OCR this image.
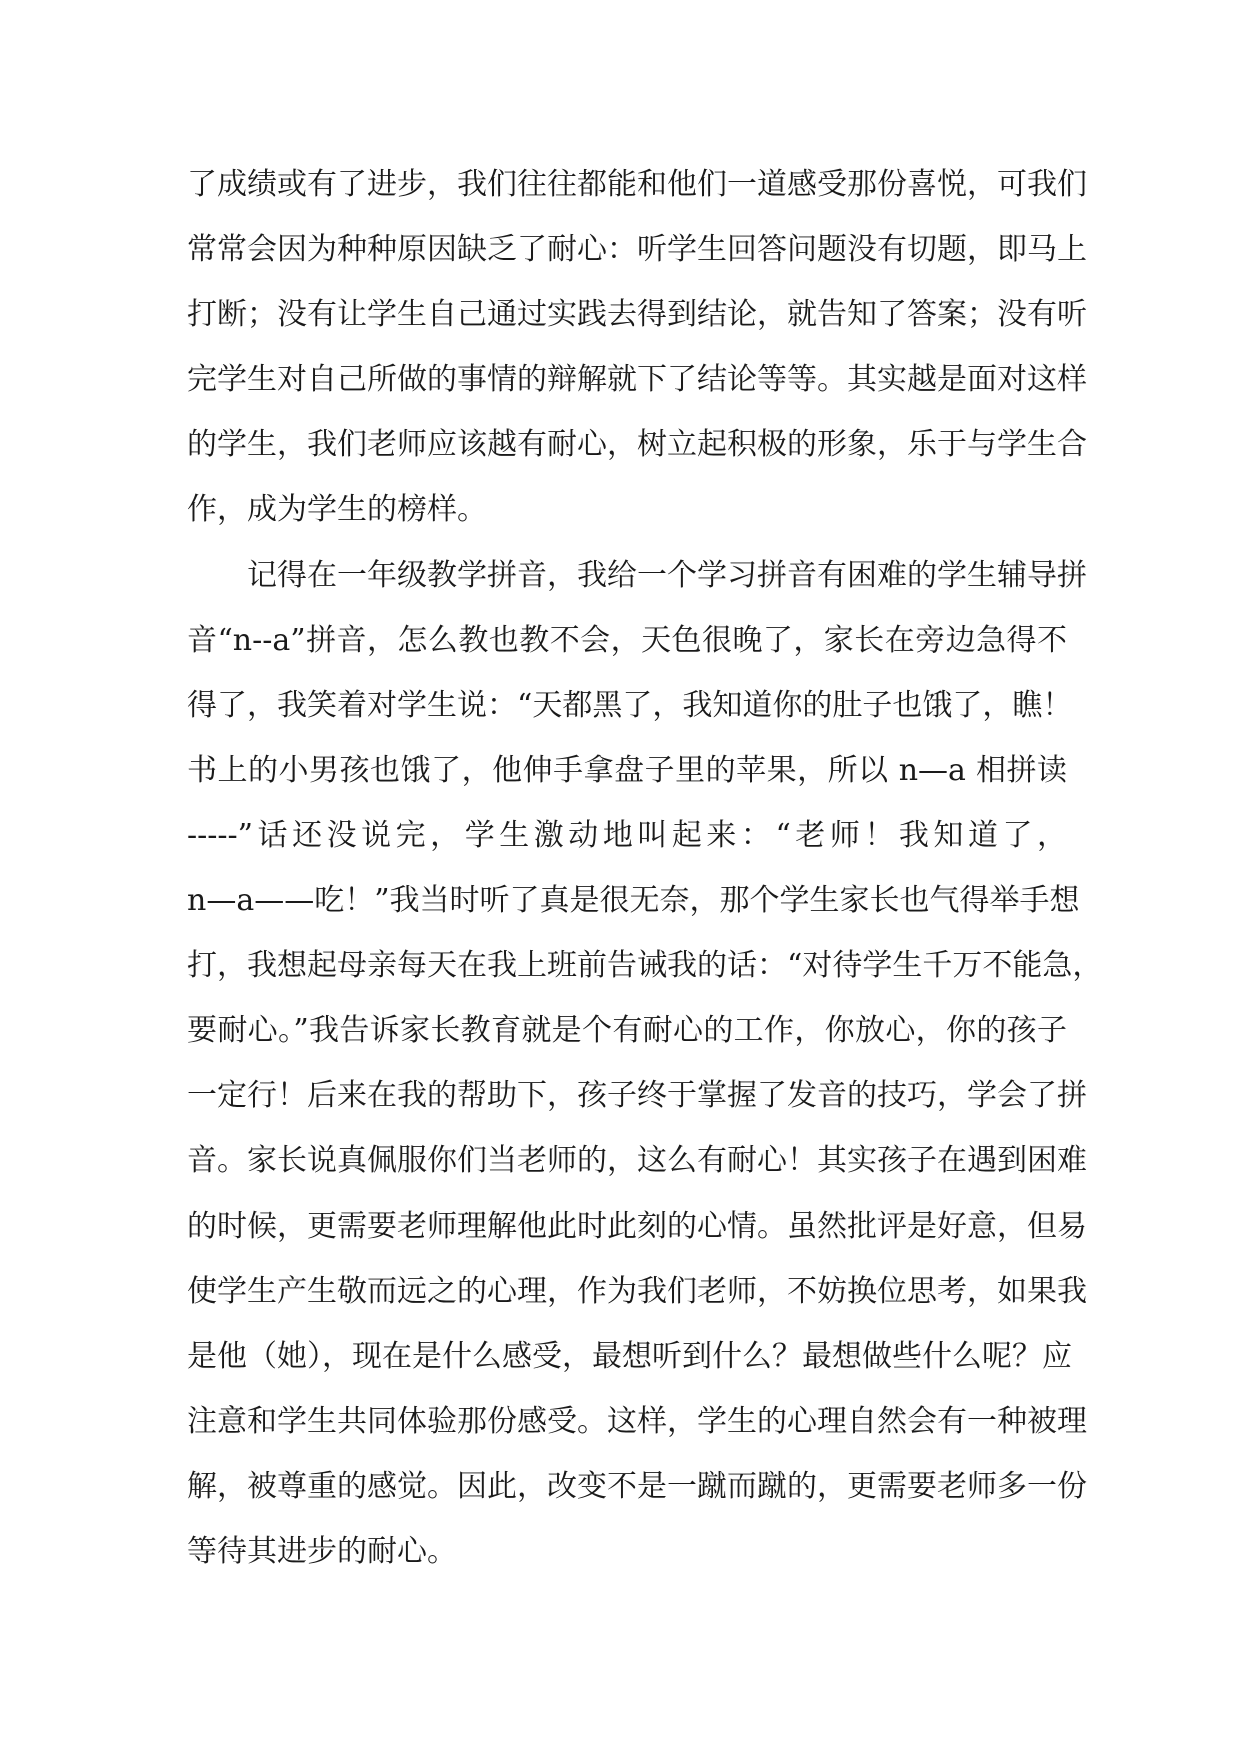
了成绩或有了进步，我们往往都能和他们一道感受那份喜悦，可我们
常常会因为种种原因缺乏了耐心：听学生回答问题没有切题，即马上
打断；没有让学生自己通过实践去得到结论，就告知了答案；没有听
完学生对自己所做的事情的辩解就下了结论等等。其实越是面对这样
的学生，我们老师应该越有耐心，树立起积极的形象，乐于与学生合
作，成为学生的榜样。
记得在一年级教学拼音，我给一个学习拼音有困难的学生辅导拼
音“n--a”拼音，怎么教也教不会，天色很晚了，家长在旁边急得不
得了，我笑着对学生说：“天都黑了，我知道你的肚子也饿了，瞧！
书上的小男孩也饿了，他伸手拿盘子里的苹果，所以 n—a 相拼读
-----”话还没说完，学生激动地叫起来：“老师！我知道了，
n—a——吃！”我当时听了真是很无奈，那个学生家长也气得举手想
打，我想起母亲每天在我上班前告诫我的话：“对待学生千万不能急，
要耐心。”我告诉家长教育就是个有耐心的工作，你放心，你的孩子
一定行！后来在我的帮助下，孩子终于掌握了发音的技巧，学会了拼
音。家长说真佩服你们当老师的，这么有耐心！其实孩子在遇到困难
的时候，更需要老师理解他此时此刻的心情。虽然批评是好意，但易
使学生产生敬而远之的心理，作为我们老师，不妨换位思考，如果我
是他（她），现在是什么感受，最想听到什么？最想做些什么呢？应
注意和学生共同体验那份感受。这样，学生的心理自然会有一种被理
解，被尊重的感觉。因此，改变不是一蹴而蹴的，更需要老师多一份
等待其进步的耐心。
